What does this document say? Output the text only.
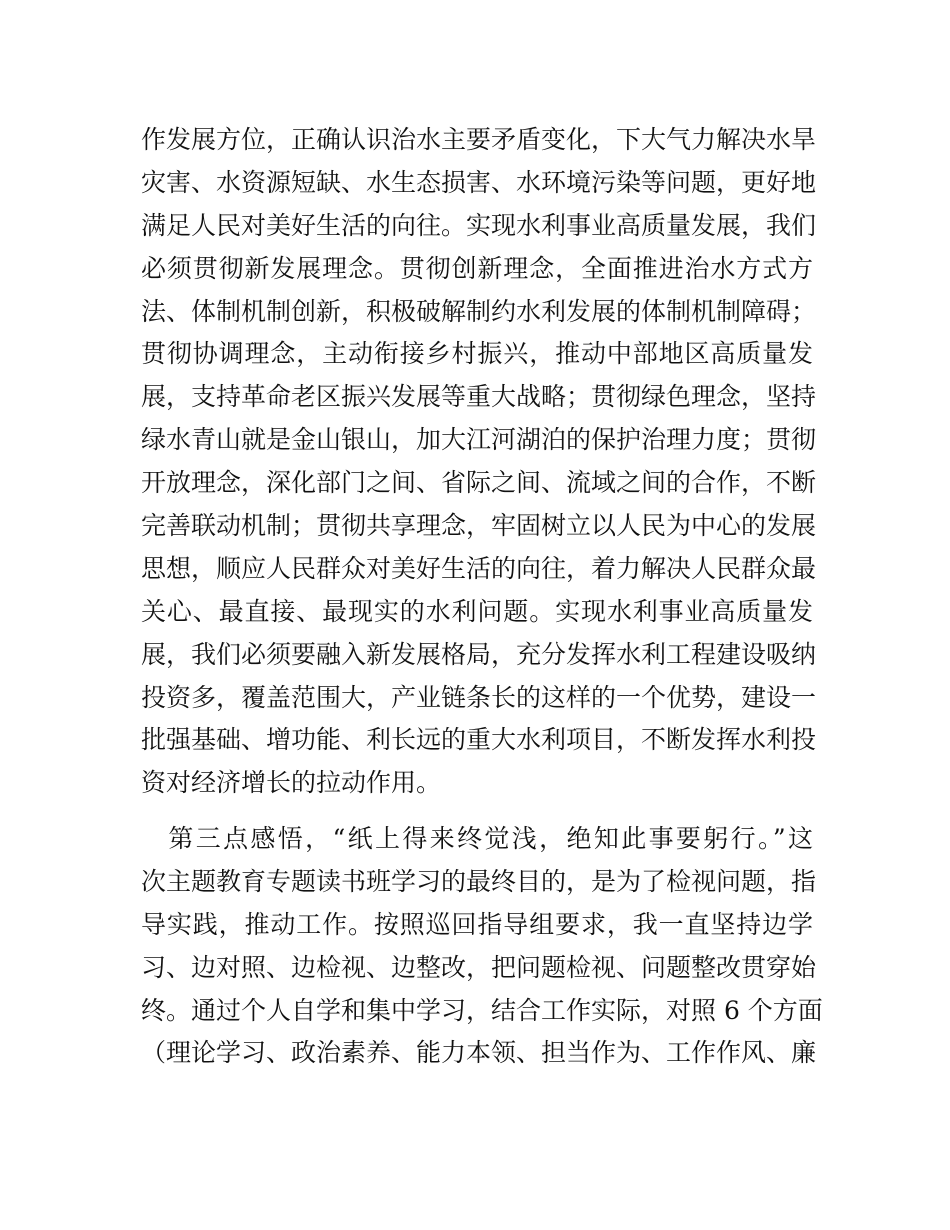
作发展方位，正确认识治水主要矛盾变化，下大气力解决水旱
灾害、水资源短缺、水生态损害、水环境污染等问题，更好地
满足人民对美好生活的向往。实现水利事业高质量发展，我们
必须贯彻新发展理念。贯彻创新理念，全面推进治水方式方
法、体制机制创新，积极破解制约水利发展的体制机制障碍；
贯彻协调理念，主动衔接乡村振兴，推动中部地区高质量发
展，支持革命老区振兴发展等重大战略；贯彻绿色理念，坚持
绿水青山就是金山银山，加大江河湖泊的保护治理力度；贯彻
开放理念，深化部门之间、省际之间、流域之间的合作，不断
完善联动机制；贯彻共享理念，牢固树立以人民为中心的发展
思想，顺应人民群众对美好生活的向往，着力解决人民群众最
关心、最直接、最现实的水利问题。实现水利事业高质量发
展，我们必须要融入新发展格局，充分发挥水利工程建设吸纳
投资多，覆盖范围大，产业链条长的这样的一个优势，建设一
批强基础、增功能、利长远的重大水利项目，不断发挥水利投
资对经济增长的拉动作用。
　第三点感悟，“纸上得来终觉浅，绝知此事要躬行。”这
次主题教育专题读书班学习的最终目的，是为了检视问题，指
导实践，推动工作。按照巡回指导组要求，我一直坚持边学
习、边对照、边检视、边整改，把问题检视、问题整改贯穿始
终。通过个人自学和集中学习，结合工作实际，对照 6 个方面
（理论学习、政治素养、能力本领、担当作为、工作作风、廉
